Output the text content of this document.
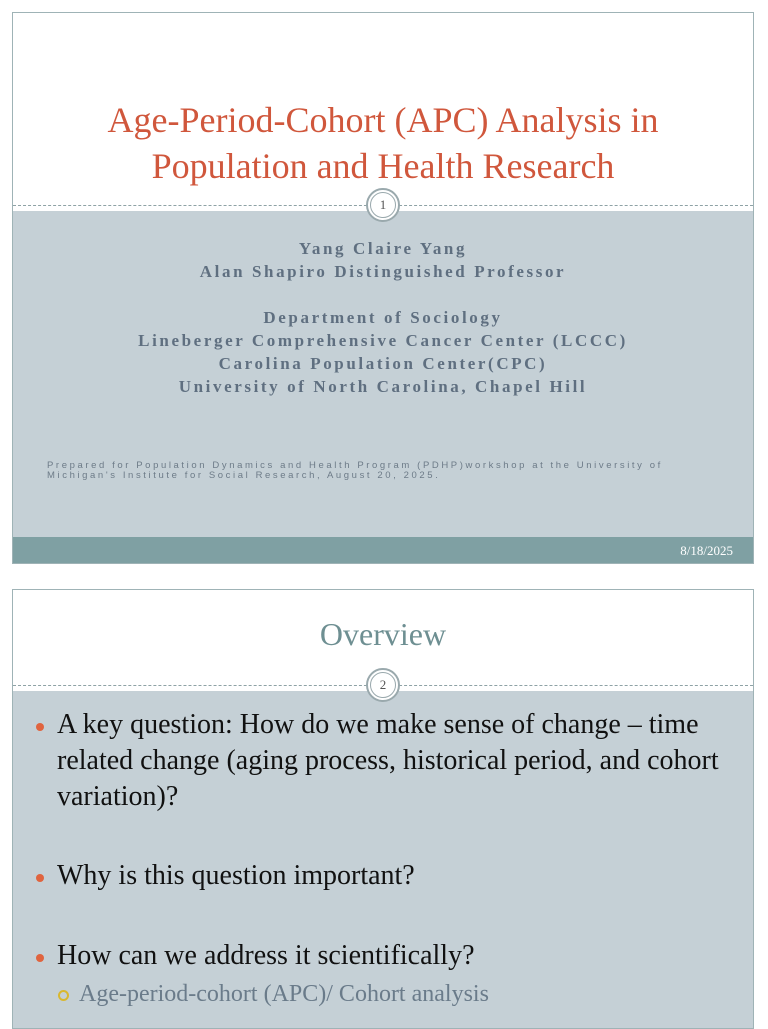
Age-Period-Cohort (APC) Analysis in
Population and Health Research
1
Yang Claire Yang
Alan Shapiro Distinguished Professor
Department of Sociology
Lineberger Comprehensive Cancer Center (LCCC)
Carolina Population Center(CPC)
University of North Carolina, Chapel Hill
Prepared for Population Dynamics and Health Program (PDHP)workshop at the University of
Michigan's Institute for Social Research, August 20, 2025.
8/18/2025
Overview
2
A key question: How do we make sense of change – time related change (aging process, historical period, and cohort variation)?
Why is this question important?
How can we address it scientifically?
Age-period-cohort (APC)/ Cohort analysis
